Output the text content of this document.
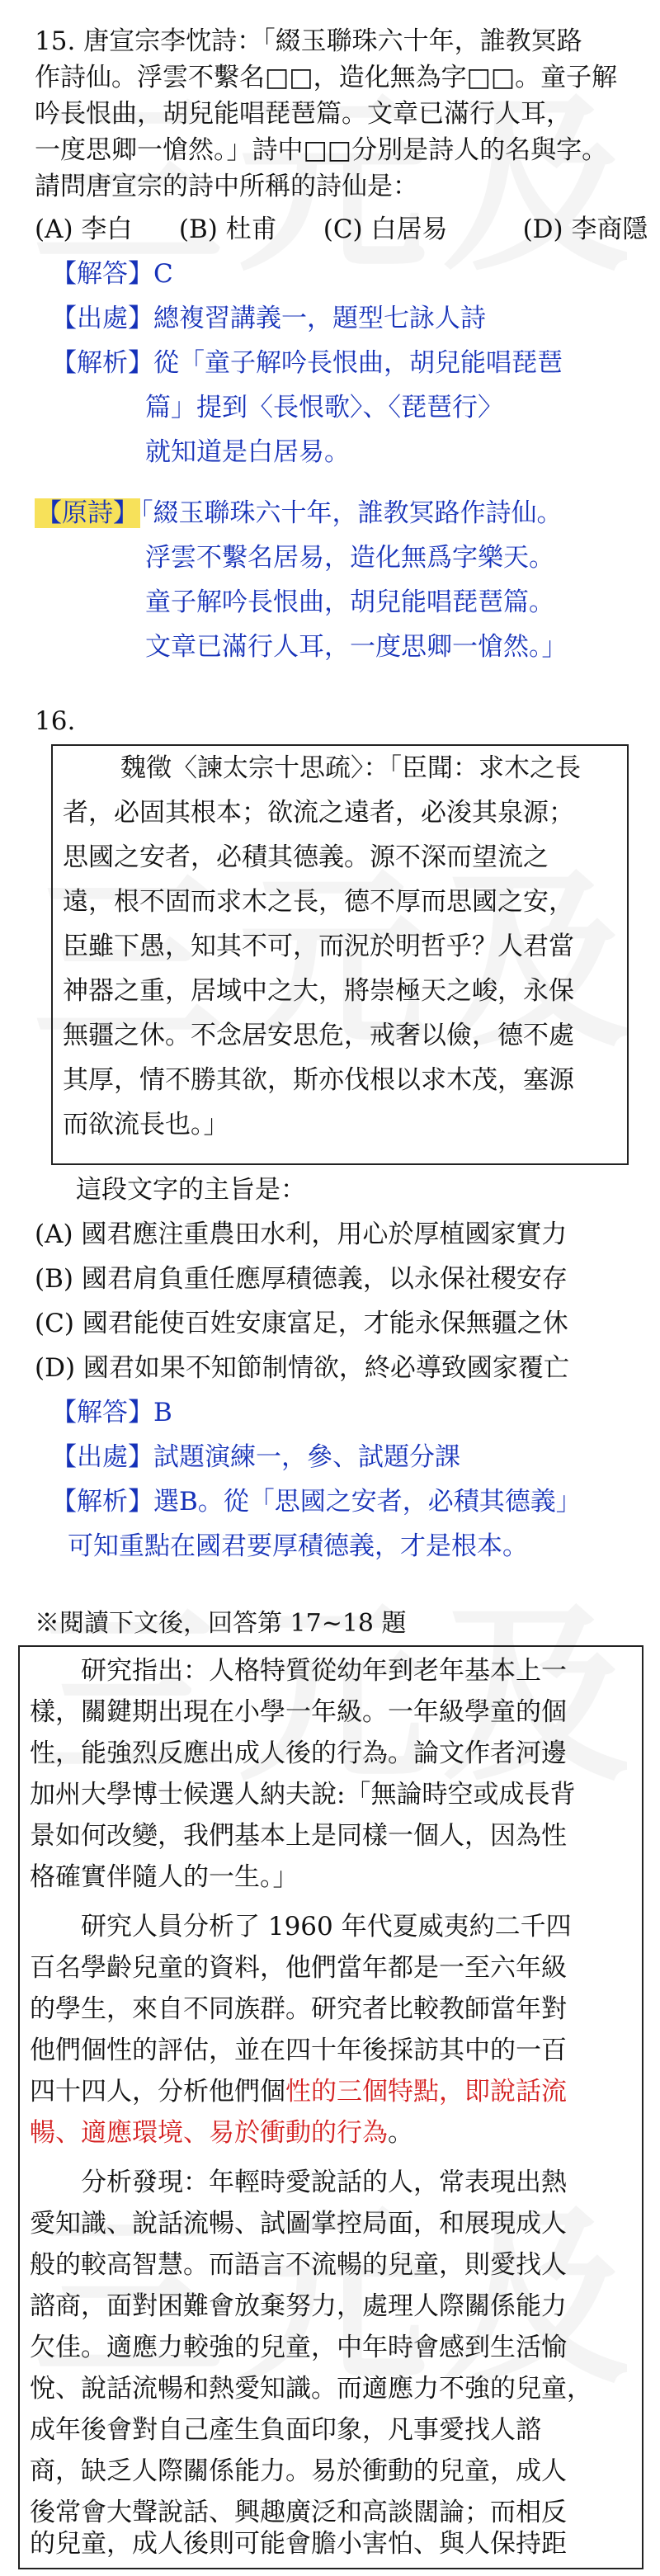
15. 唐宣宗李忱詩：「綴玉聯珠六十年，誰教冥路
作詩仙。浮雲不繫名□□，造化無為字□□。童子解
吟長恨曲，胡兒能唱琵琶篇。文章已滿行人耳，
一度思卿一愴然。」詩中□□分別是詩人的名與字。
請問唐宣宗的詩中所稱的詩仙是：
(A) 李白 (B) 杜甫 (C) 白居易	(D) 李商隱
【解答】C
【出處】總複習講義一，題型七詠人詩
【解析】從「童子解吟長恨曲，胡兒能唱琵琶
篇」提到〈長恨歌〉、〈琵琶行〉
就知道是白居易。
【原詩】「綴玉聯珠六十年，誰教冥路作詩仙。
浮雲不繫名居易，造化無爲字樂天。
童子解吟長恨曲，胡兒能唱琵琶篇。
文章已滿行人耳，一度思卿一愴然。」
16.
魏徵〈諫太宗十思疏〉：「臣聞：求木之長
者，必固其根本；欲流之遠者，必浚其泉源；
思國之安者，必積其德義。源不深而望流之
遠，根不固而求木之長，德不厚而思國之安，
臣雖下愚，知其不可，而況於明哲乎？人君當
神器之重，居域中之大，將崇極天之峻，永保
無疆之休。不念居安思危，戒奢以儉，德不處
其厚，情不勝其欲，斯亦伐根以求木茂，塞源
而欲流長也。」
這段文字的主旨是：
(A) 國君應注重農田水利，用心於厚植國家實力
(B) 國君肩負重任應厚積德義，以永保社稷安存
(C) 國君能使百姓安康富足，才能永保無疆之休
(D) 國君如果不知節制情欲，終必導致國家覆亡
【解答】B
【出處】試題演練一，參、試題分課
【解析】選B。從「思國之安者，必積其德義」
可知重點在國君要厚積德義，才是根本。
※閱讀下文後，回答第 17~18 題
　　研究指出：人格特質從幼年到老年基本上一
樣，關鍵期出現在小學一年級。一年級學童的個
性，能強烈反應出成人後的行為。論文作者河邊
加州大學博士候選人納夫說:「無論時空或成長背
景如何改變，我們基本上是同樣一個人，因為性
格確實伴隨人的一生。」
　　研究人員分析了 1960 年代夏威夷約二千四
百名學齡兒童的資料，他們當年都是一至六年級
的學生，來自不同族群。研究者比較教師當年對
他們個性的評估，並在四十年後採訪其中的一百
四十四人，分析他們個性的三個特點，即說話流
暢、適應環境、易於衝動的行為。
　　分析發現：年輕時愛說話的人，常表現出熱
愛知識、說話流暢、試圖掌控局面，和展現成人
般的較高智慧。而語言不流暢的兒童，則愛找人
諮商，面對困難會放棄努力，處理人際關係能力
欠佳。適應力較強的兒童，中年時會感到生活愉
悅、說話流暢和熱愛知識。而適應力不強的兒童，
成年後會對自己產生負面印象，凡事愛找人諮
商，缺乏人際關係能力。易於衝動的兒童，成人
後常會大聲說話、興趣廣泛和高談闊論；而相反
的兒童，成人後則可能會膽小害怕、與人保持距
